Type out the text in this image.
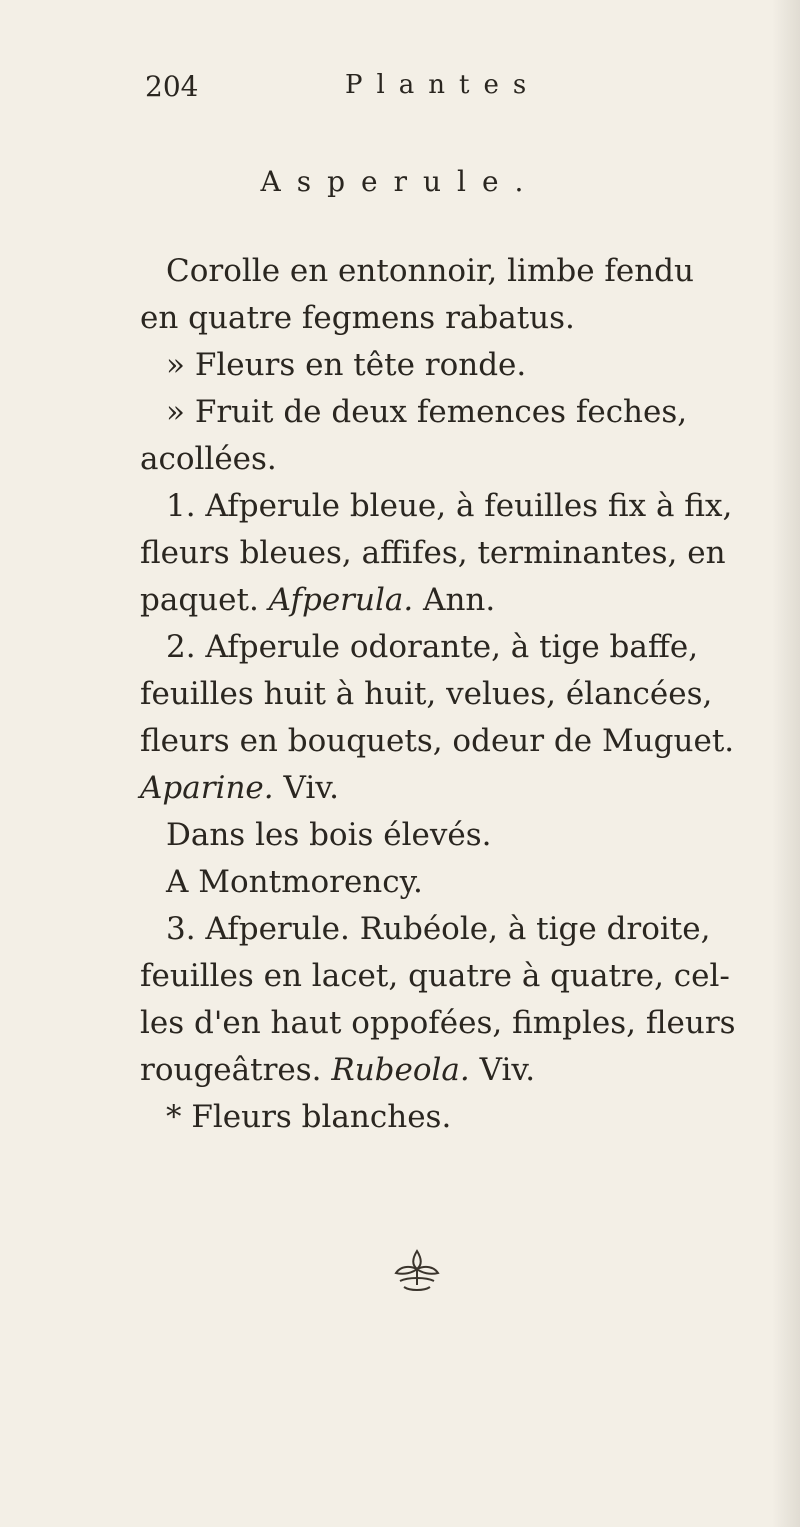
204	Plantes
Asperule.
Corolle en entonnoir, limbe fendu
en quatre fegmens rabatus.
» Fleurs en tête ronde.
» Fruit de deux femences feches,
acollées.
1. Afperule bleue, à feuilles fix à fix,
fleurs bleues, affifes, terminantes, en
paquet. Afperula. Ann.
2. Afperule odorante, à tige baffe,
feuilles huit à huit, velues, élancées,
fleurs en bouquets, odeur de Muguet.
Aparine. Viv.
Dans les bois élevés.
A Montmorency.
3. Afperule. Rubéole, à tige droite,
feuilles en lacet, quatre à quatre, cel-
les d'en haut oppofées, fimples, fleurs
rougeâtres. Rubeola. Viv.
* Fleurs blanches.
